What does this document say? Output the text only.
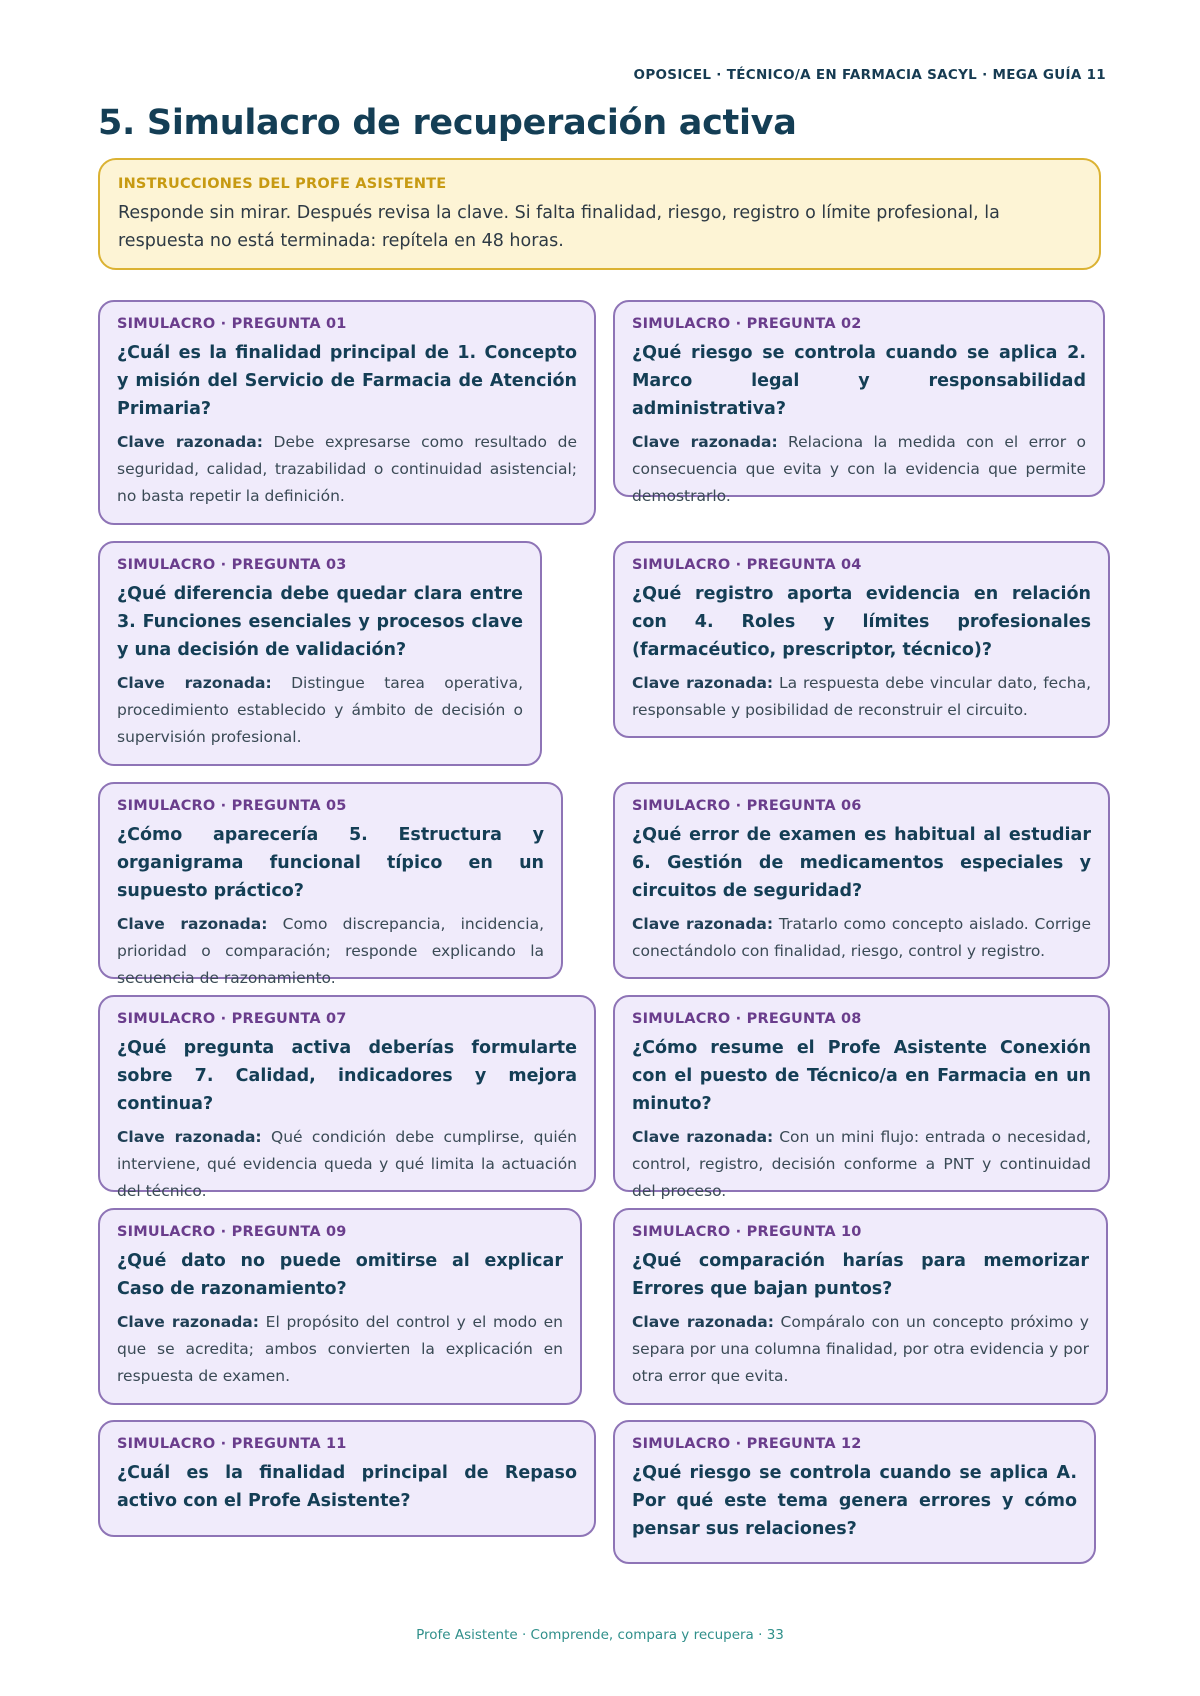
OPOSICEL · TÉCNICO/A EN FARMACIA SACYL · MEGA GUÍA 11
5. Simulacro de recuperación activa
INSTRUCCIONES DEL PROFE ASISTENTE
Responde sin mirar. Después revisa la clave. Si falta finalidad, riesgo, registro o límite profesional, la respuesta no está terminada: repítela en 48 horas.
SIMULACRO · PREGUNTA 01
¿Cuál es la finalidad principal de 1. Concepto y misión del Servicio de Farmacia de Atención Primaria?
Clave razonada: Debe expresarse como resultado de seguridad, calidad, trazabilidad o continuidad asistencial; no basta repetir la definición.
SIMULACRO · PREGUNTA 02
¿Qué riesgo se controla cuando se aplica 2. Marco legal y responsabilidad administrativa?
Clave razonada: Relaciona la medida con el error o consecuencia que evita y con la evidencia que permite demostrarlo.
SIMULACRO · PREGUNTA 03
¿Qué diferencia debe quedar clara entre 3. Funciones esenciales y procesos clave y una decisión de validación?
Clave razonada: Distingue tarea operativa, procedimiento establecido y ámbito de decisión o supervisión profesional.
SIMULACRO · PREGUNTA 04
¿Qué registro aporta evidencia en relación con 4. Roles y límites profesionales (farmacéutico, prescriptor, técnico)?
Clave razonada: La respuesta debe vincular dato, fecha, responsable y posibilidad de reconstruir el circuito.
SIMULACRO · PREGUNTA 05
¿Cómo aparecería 5. Estructura y organigrama funcional típico en un supuesto práctico?
Clave razonada: Como discrepancia, incidencia, prioridad o comparación; responde explicando la secuencia de razonamiento.
SIMULACRO · PREGUNTA 06
¿Qué error de examen es habitual al estudiar 6. Gestión de medicamentos especiales y circuitos de seguridad?
Clave razonada: Tratarlo como concepto aislado. Corrige conectándolo con finalidad, riesgo, control y registro.
SIMULACRO · PREGUNTA 07
¿Qué pregunta activa deberías formularte sobre 7. Calidad, indicadores y mejora continua?
Clave razonada: Qué condición debe cumplirse, quién interviene, qué evidencia queda y qué limita la actuación del técnico.
SIMULACRO · PREGUNTA 08
¿Cómo resume el Profe Asistente Conexión con el puesto de Técnico/a en Farmacia en un minuto?
Clave razonada: Con un mini flujo: entrada o necesidad, control, registro, decisión conforme a PNT y continuidad del proceso.
SIMULACRO · PREGUNTA 09
¿Qué dato no puede omitirse al explicar Caso de razonamiento?
Clave razonada: El propósito del control y el modo en que se acredita; ambos convierten la explicación en respuesta de examen.
SIMULACRO · PREGUNTA 10
¿Qué comparación harías para memorizar Errores que bajan puntos?
Clave razonada: Compáralo con un concepto próximo y separa por una columna finalidad, por otra evidencia y por otra error que evita.
SIMULACRO · PREGUNTA 11
¿Cuál es la finalidad principal de Repaso activo con el Profe Asistente?
SIMULACRO · PREGUNTA 12
¿Qué riesgo se controla cuando se aplica A. Por qué este tema genera errores y cómo pensar sus relaciones?
Profe Asistente · Comprende, compara y recupera · 33
